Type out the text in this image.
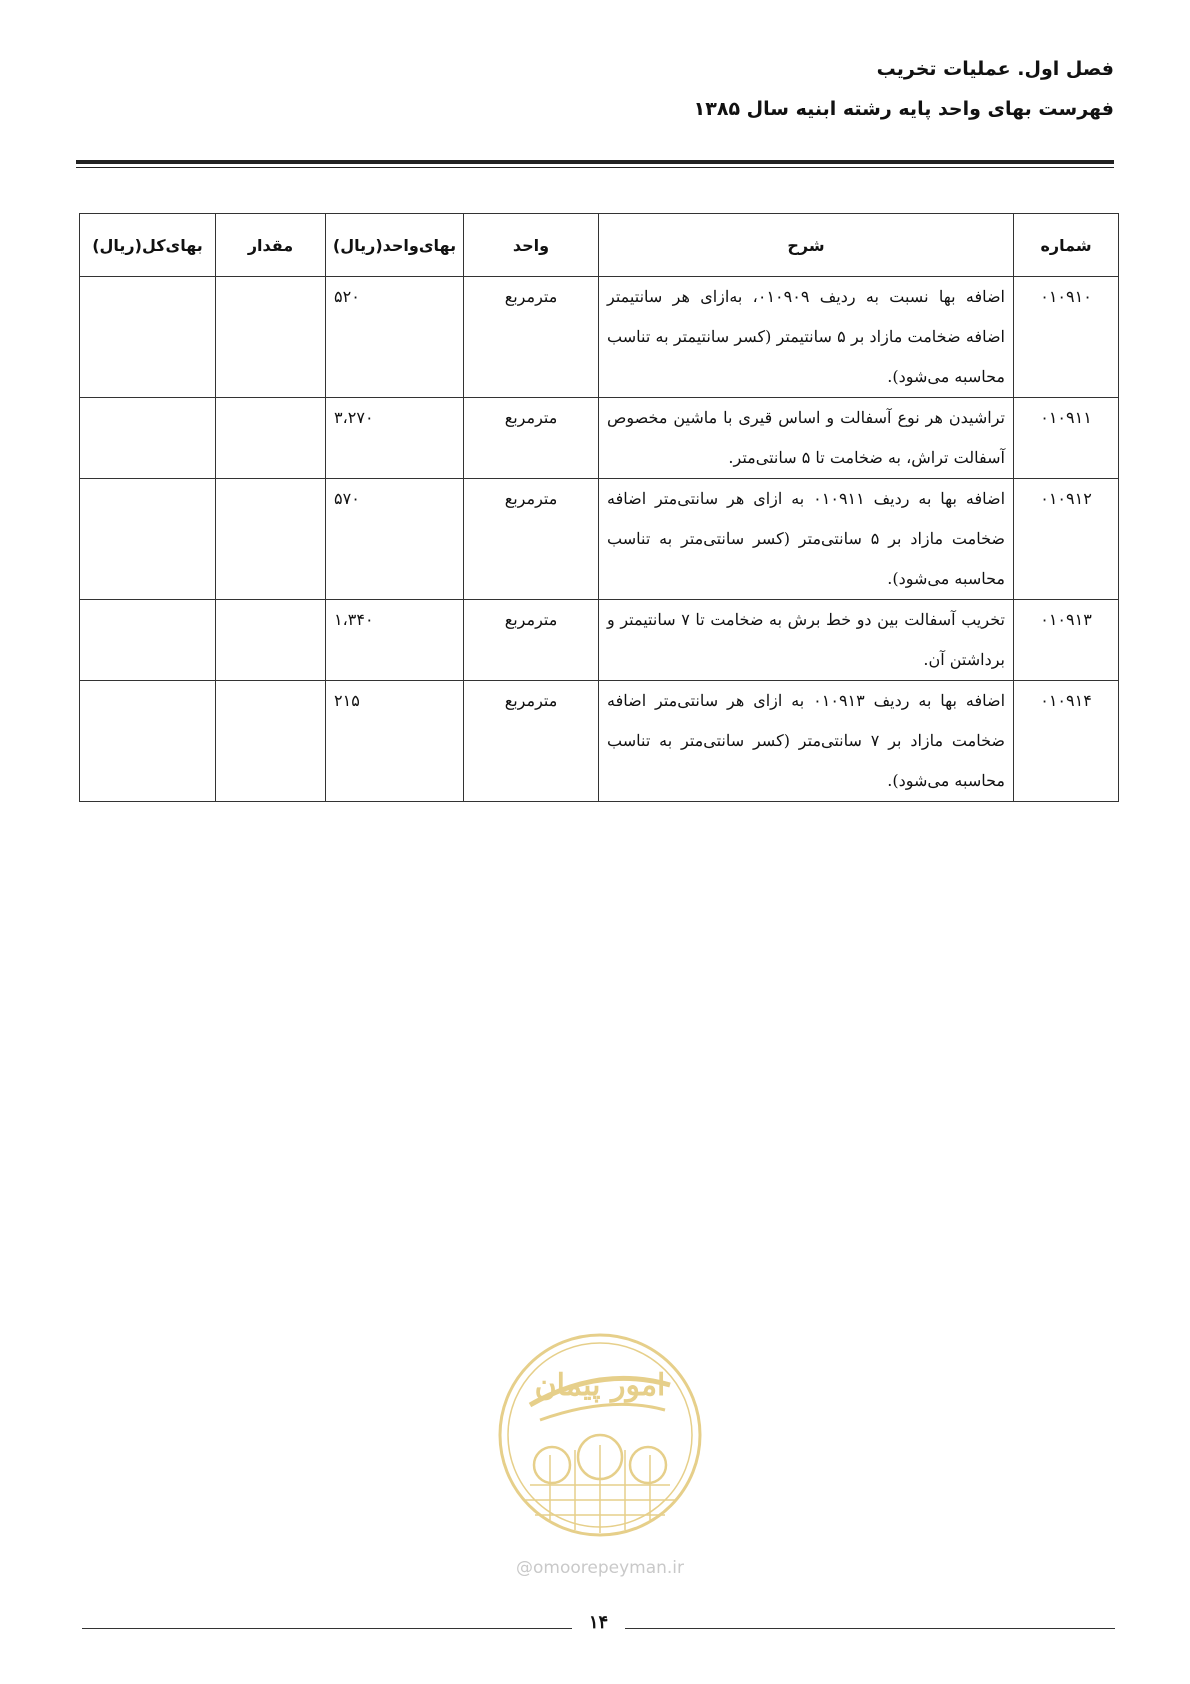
فصل اول. عملیات تخریب
فهرست بهای واحد پایه رشته ابنیه سال ۱۳۸۵
شماره	شرح	واحد	بهای‌واحد(ریال)	مقدار	بهای‌کل(ریال)
۰۱۰۹۱۰	اضافه بها نسبت به ردیف ۰۱۰۹۰۹، به‌ازای هر سانتیمتر اضافه ضخامت مازاد بر ۵ سانتیمتر (کسر سانتیمتر به تناسب محاسبه می‌شود).	مترمربع	۵۲۰		
۰۱۰۹۱۱	تراشیدن هر نوع آسفالت و اساس قیری با ماشین مخصوص آسفالت تراش، به ضخامت تا ۵ سانتی‌متر.	مترمربع	۳،۲۷۰		
۰۱۰۹۱۲	اضافه بها به ردیف ۰۱۰۹۱۱ به ازای هر سانتی‌متر اضافه ضخامت مازاد بر ۵ سانتی‌متر (کسر سانتی‌متر به تناسب محاسبه می‌شود).	مترمربع	۵۷۰		
۰۱۰۹۱۳	تخریب آسفالت بین دو خط برش به ضخامت تا ۷ سانتیمتر و برداشتن آن.	مترمربع	۱،۳۴۰		
۰۱۰۹۱۴	اضافه بها به ردیف ۰۱۰۹۱۳ به ازای هر سانتی‌متر اضافه ضخامت مازاد بر ۷ سانتی‌متر (کسر سانتی‌متر به تناسب محاسبه می‌شود).	مترمربع	۲۱۵		
امور پیمان
@omoorepeyman.ir
۱۴
